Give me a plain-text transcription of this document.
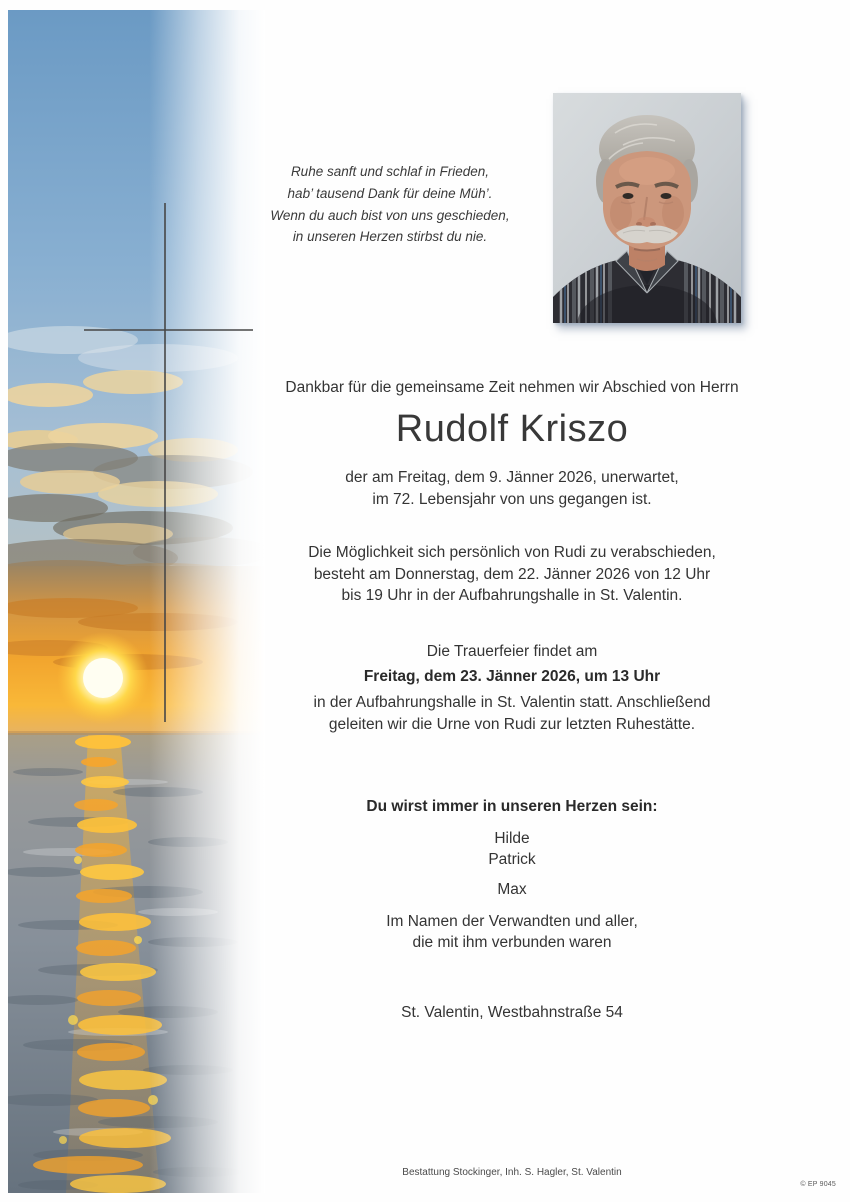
Ruhe sanft und schlaf in Frieden,
hab’ tausend Dank für deine Müh’.
Wenn du auch bist von uns geschieden,
in unseren Herzen stirbst du nie.
Dankbar für die gemeinsame Zeit nehmen wir Abschied von Herrn
Rudolf Kriszo
der am Freitag, dem 9. Jänner 2026, unerwartet,
im 72. Lebensjahr von uns gegangen ist.
Die Möglichkeit sich persönlich von Rudi zu verabschieden,
besteht am Donnerstag, dem 22. Jänner 2026 von 12 Uhr
bis 19 Uhr in der Aufbahrungshalle in St. Valentin.
Die Trauerfeier findet am
Freitag, dem 23. Jänner 2026, um 13 Uhr
in der Aufbahrungshalle in St. Valentin statt. Anschließend
geleiten wir die Urne von Rudi zur letzten Ruhestätte.
Du wirst immer in unseren Herzen sein:
Hilde
Patrick
Max
Im Namen der Verwandten und aller,
die mit ihm verbunden waren
St. Valentin, Westbahnstraße 54
Bestattung Stockinger, Inh. S. Hagler, St. Valentin
© EP 9045
